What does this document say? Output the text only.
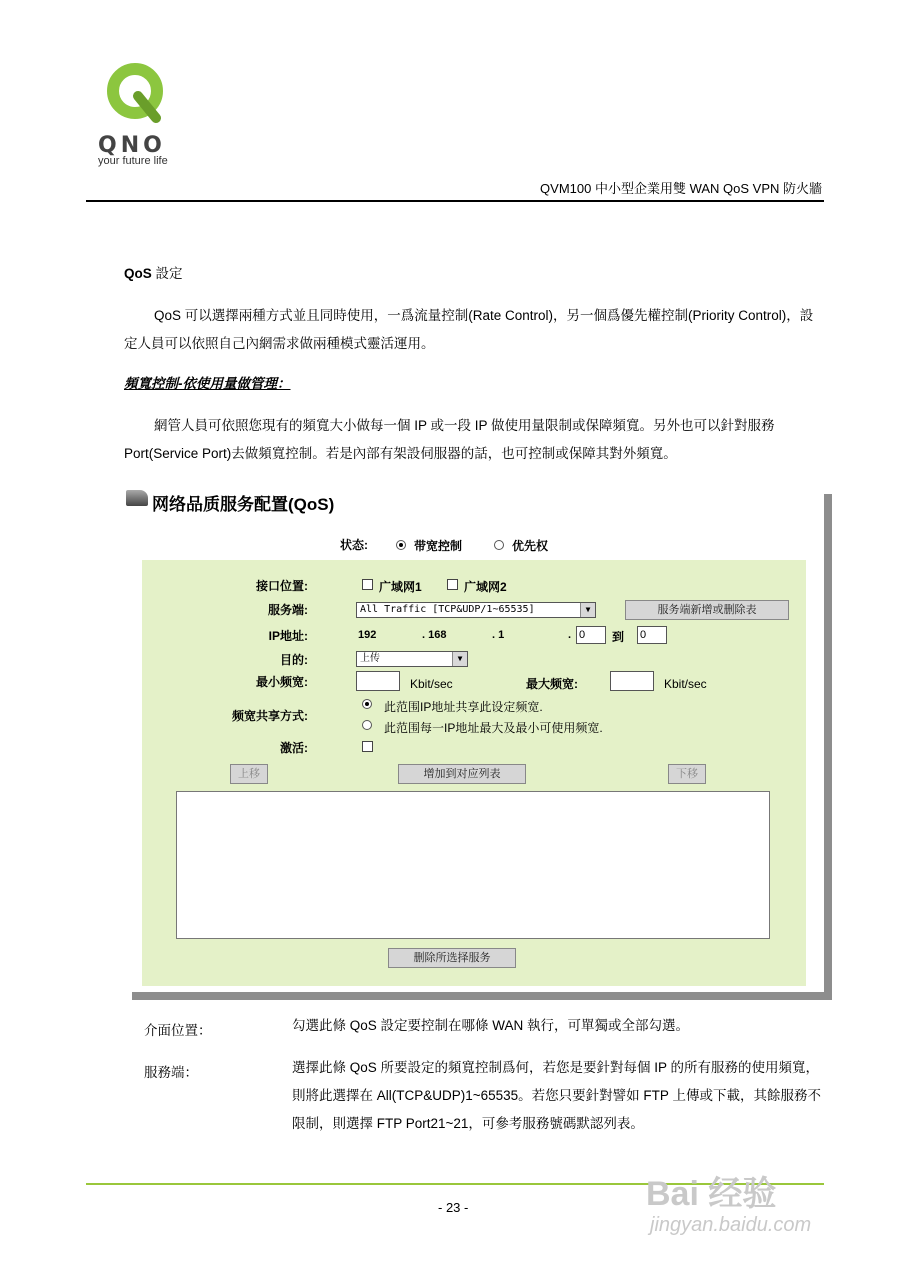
QNO
your future life
QVM100 中小型企業用雙 WAN QoS VPN 防火牆
QoS 設定
QoS 可以選擇兩種方式並且同時使用，一爲流量控制(Rate Control)，另一個爲優先權控制(Priority Control)，設定人員可以依照自己內網需求做兩種模式靈活運用。
頻寬控制-依使用量做管理：
網管人員可依照您現有的頻寬大小做每一個 IP 或一段 IP 做使用量限制或保障頻寬。另外也可以針對服務 Port(Service Port)去做頻寬控制。若是內部有架設伺服器的話，也可控制或保障其對外頻寬。
网络品质服务配置(QoS)
状态:	带宽控制	优先权
接口位置:	广域网1	广域网2
服务端:	All Traffic [TCP&UDP/1~65535]	▼	服务端新增或删除表
IP地址:	192	. 168	. 1	. 0	到 0
目的:	上传	▼
最小频宽:	Kbit/sec	最大频宽:	Kbit/sec
频宽共享方式:
此范围IP地址共享此设定频宽.
此范围每一IP地址最大及最小可使用频宽.
激活:
上移	增加到对应列表	下移
删除所选择服务
介面位置：	勾選此條 QoS 設定要控制在哪條 WAN 執行，可單獨或全部勾選。
服務端：	選擇此條 QoS 所要設定的頻寬控制爲何，若您是要針對每個 IP 的所有服務的使用頻寬，則將此選擇在 All(TCP&UDP)1~65535。若您只要針對譬如 FTP 上傳或下載，其餘服務不限制，則選擇 FTP Port21~21，可參考服務號碼默認列表。
- 23 -	Bai 经验
jingyan.baidu.com
